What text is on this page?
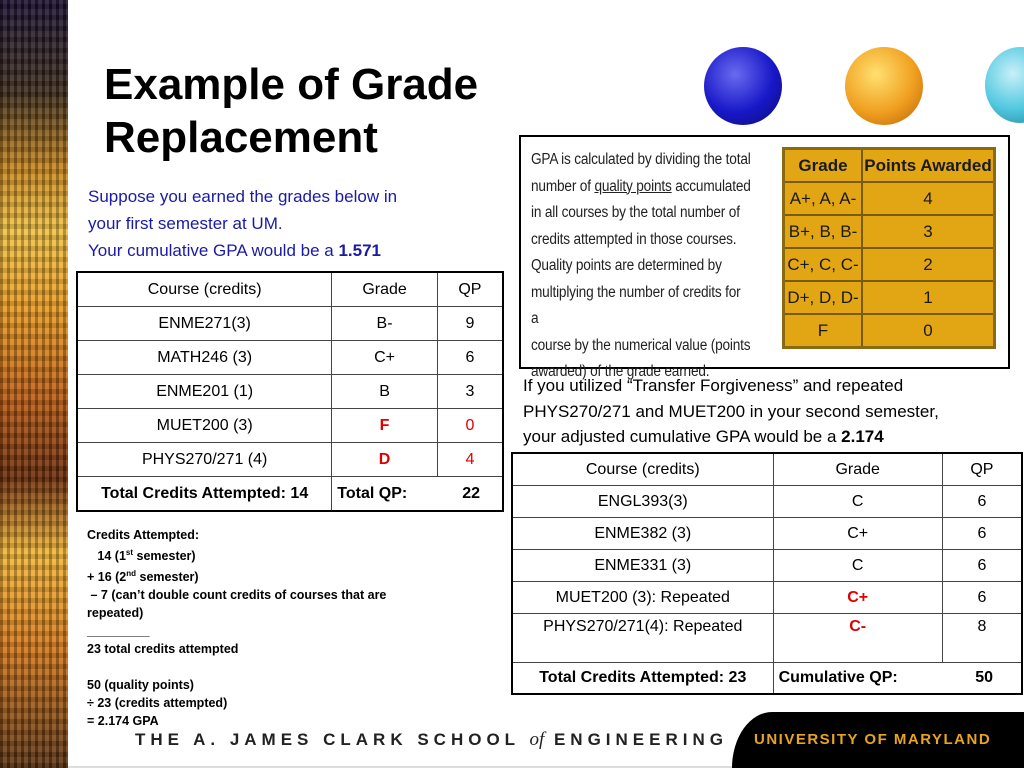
Example of Grade Replacement
Suppose you earned the grades below in
your first semester at UM.
Your cumulative GPA would be a 1.571
Course (credits)	Grade	QP
ENME271(3)	B-	9
MATH246 (3)	C+	6
ENME201 (1)	B	3
MUET200 (3)	F	0
PHYS270/271 (4)	D	4
Total Credits Attempted: 14	Total QP: 22	
Credits Attempted:
14 (1st semester)
+ 16 (2nd semester)
– 7 (can’t double count credits of courses that are
repeated)
_________
23 total credits attempted
50 (quality points)
÷ 23 (credits attempted)
= 2.174 GPA
GPA is calculated by dividing the total
number of quality points accumulated
in all courses by the total number of
credits attempted in those courses.
Quality points are determined by
multiplying the number of credits for a
course by the numerical value (points
awarded) of the grade earned.
Grade	Points Awarded
A+, A, A-	4
B+, B, B-	3
C+, C, C-	2
D+, D, D-	1
F	0
If you utilized “Transfer Forgiveness” and repeated
PHYS270/271 and MUET200 in your second semester,
your adjusted cumulative GPA would be a 2.174
Course (credits)	Grade	QP
ENGL393(3)	C	6
ENME382 (3)	C+	6
ENME331 (3)	C	6
MUET200 (3): Repeated	C+	6
PHYS270/271(4): Repeated	C-	8
Total Credits Attempted: 23	Cumulative QP: 50	
THE A. JAMES CLARK SCHOOL of ENGINEERING UNIVERSITY OF MARYLAND
